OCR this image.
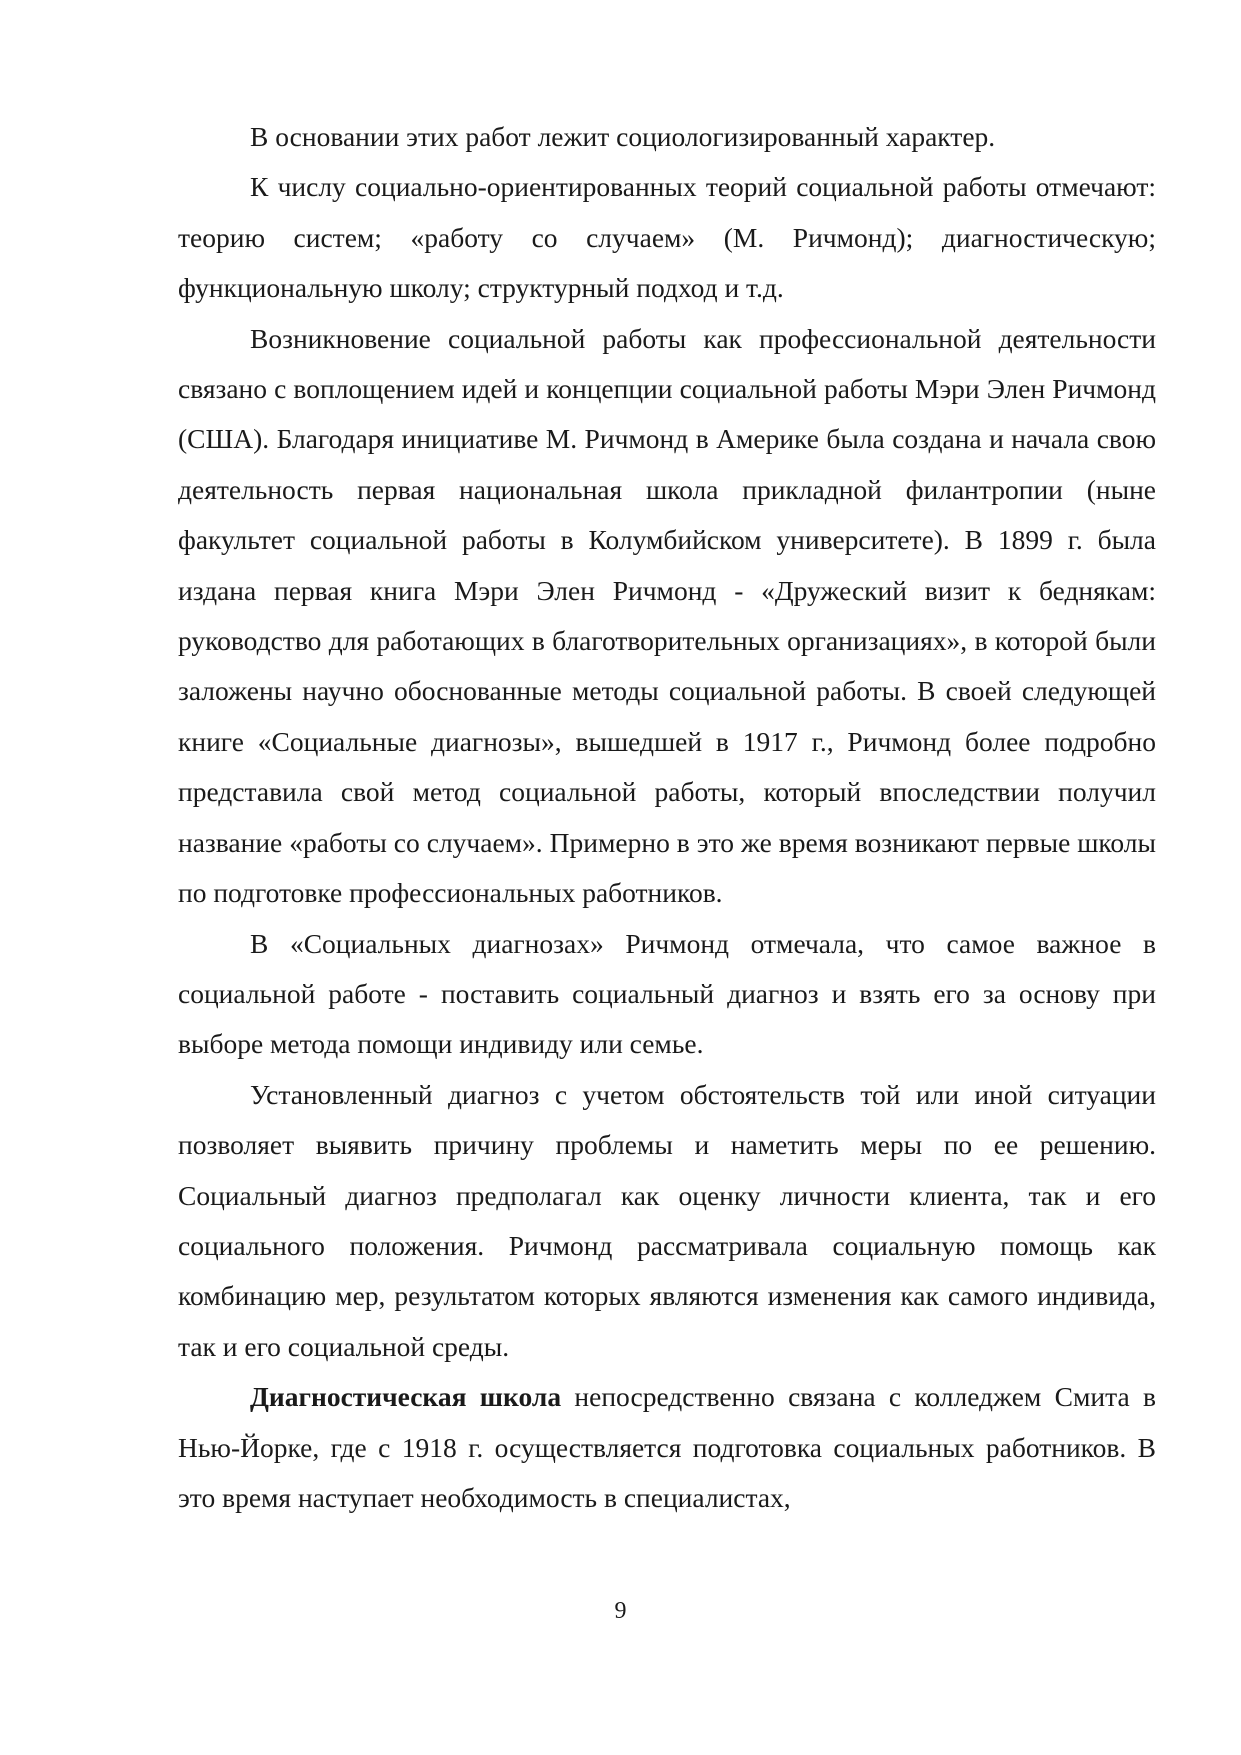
В основании этих работ лежит социологизированный характер.

К числу социально-ориентированных теорий социальной работы отмечают: теорию систем; «работу со случаем» (М. Ричмонд); диагностическую; функциональную школу; структурный подход и т.д.

Возникновение социальной работы как профессиональной деятельности связано с воплощением идей и концепции социальной работы Мэри Элен Ричмонд (США). Благодаря инициативе М. Ричмонд в Америке была создана и начала свою деятельность первая национальная школа прикладной филантропии (ныне факультет социальной работы в Колумбийском университете). В 1899 г. была издана первая книга Мэри Элен Ричмонд - «Дружеский визит к беднякам: руководство для работающих в благотворительных организациях», в которой были заложены научно обоснованные методы социальной работы. В своей следующей книге «Социальные диагнозы», вышедшей в 1917 г., Ричмонд более подробно представила свой метод социальной работы, который впоследствии получил название «работы со случаем». Примерно в это же время возникают первые школы по подготовке профессиональных работников.

В «Социальных диагнозах» Ричмонд отмечала, что самое важное в социальной работе - поставить социальный диагноз и взять его за основу при выборе метода помощи индивиду или семье.

Установленный диагноз с учетом обстоятельств той или иной ситуации позволяет выявить причину проблемы и наметить меры по ее решению. Социальный диагноз предполагал как оценку личности клиента, так и его социального положения. Ричмонд рассматривала социальную помощь как комбинацию мер, результатом которых являются изменения как самого индивида, так и его социальной среды.

Диагностическая школа непосредственно связана с колледжем Смита в Нью-Йорке, где с 1918 г. осуществляется подготовка социальных работников. В это время наступает необходимость в специалистах,

9
